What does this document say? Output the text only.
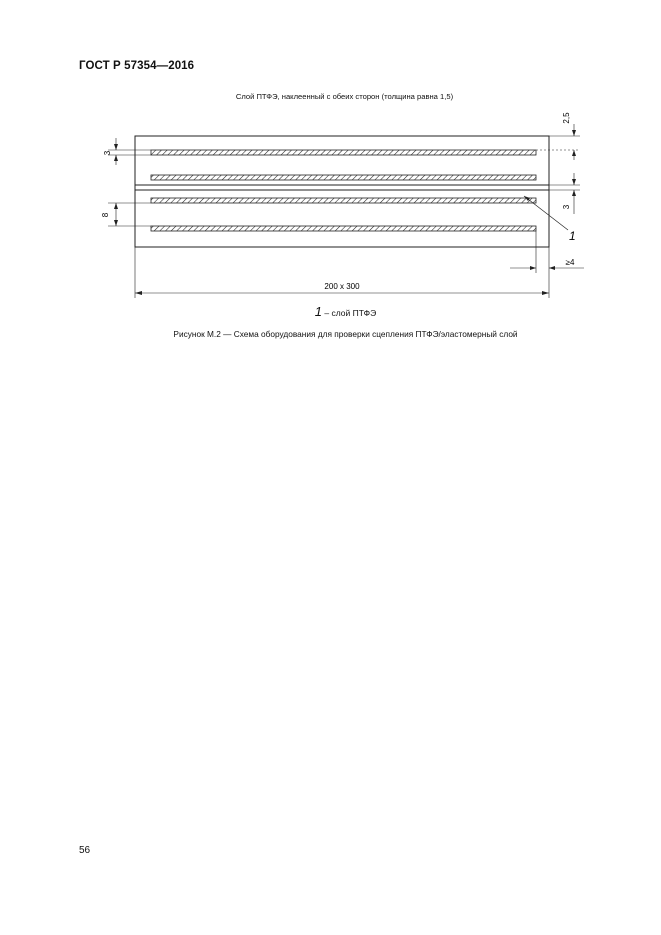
ГОСТ Р 57354—2016
Слой ПТФЭ, наклеенный с обеих сторон (толщина равна 1,5)
3
8
2,5
3
1
≥4
200 x 300
1 – слой ПТФЭ
Рисунок М.2 — Схема оборудования для проверки сцепления ПТФЭ/эластомерный слой
56
